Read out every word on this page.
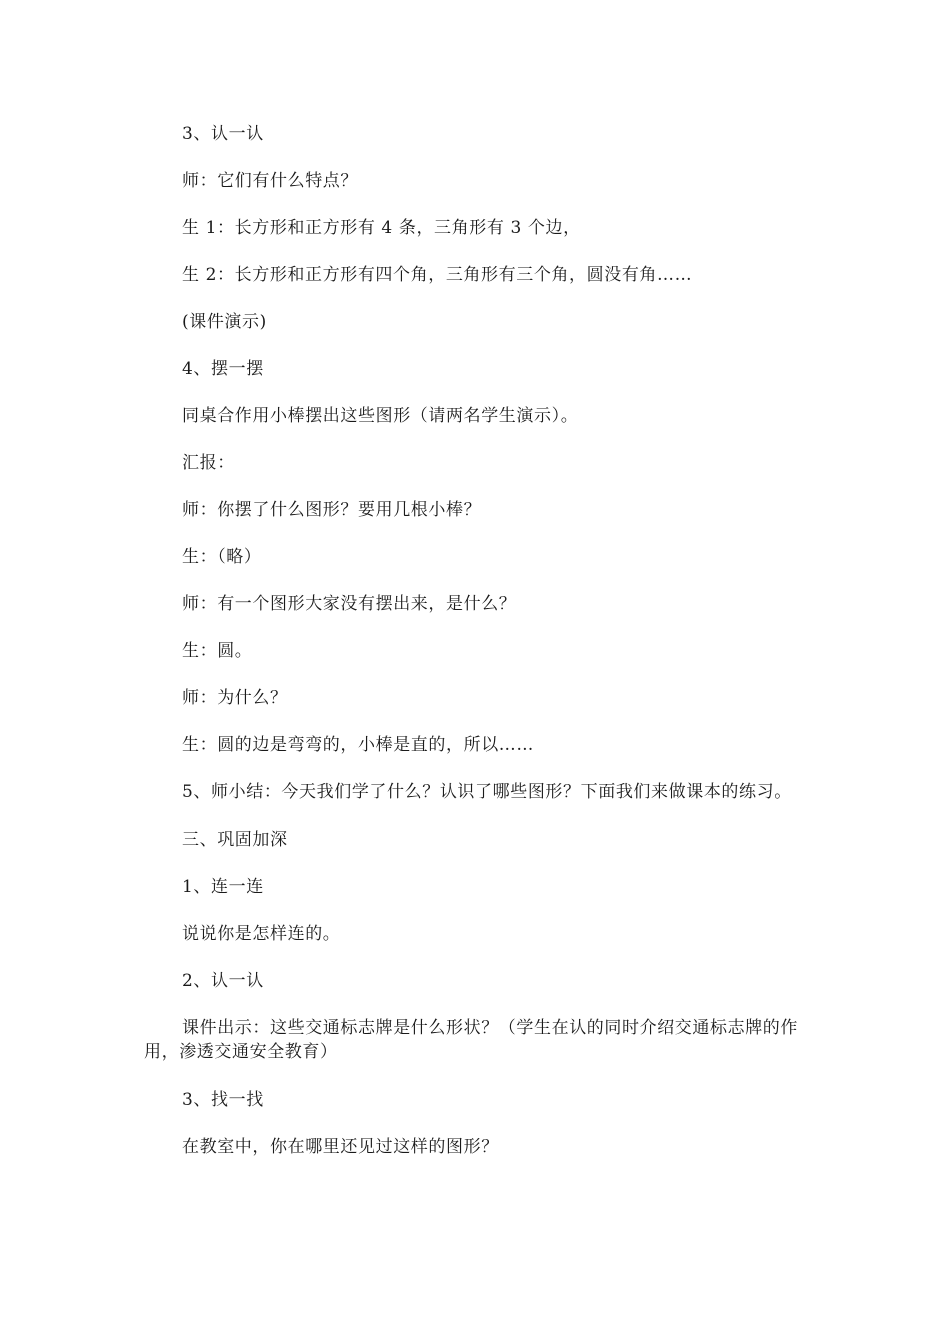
3、认一认

师：它们有什么特点？

生 1：长方形和正方形有 4 条，三角形有 3 个边，

生 2：长方形和正方形有四个角，三角形有三个角，圆没有角……

(课件演示)

4、摆一摆

同桌合作用小棒摆出这些图形（请两名学生演示）。

汇报：

师：你摆了什么图形？要用几根小棒？

生：（略）

师：有一个图形大家没有摆出来，是什么？

生：圆。

师：为什么？

生：圆的边是弯弯的，小棒是直的，所以……

5、师小结：今天我们学了什么？认识了哪些图形？下面我们来做课本的练习。

三、巩固加深

1、连一连

说说你是怎样连的。

2、认一认

课件出示：这些交通标志牌是什么形状？（学生在认的同时介绍交通标志牌的作用，渗透交通安全教育）

3、找一找

在教室中，你在哪里还见过这样的图形？
